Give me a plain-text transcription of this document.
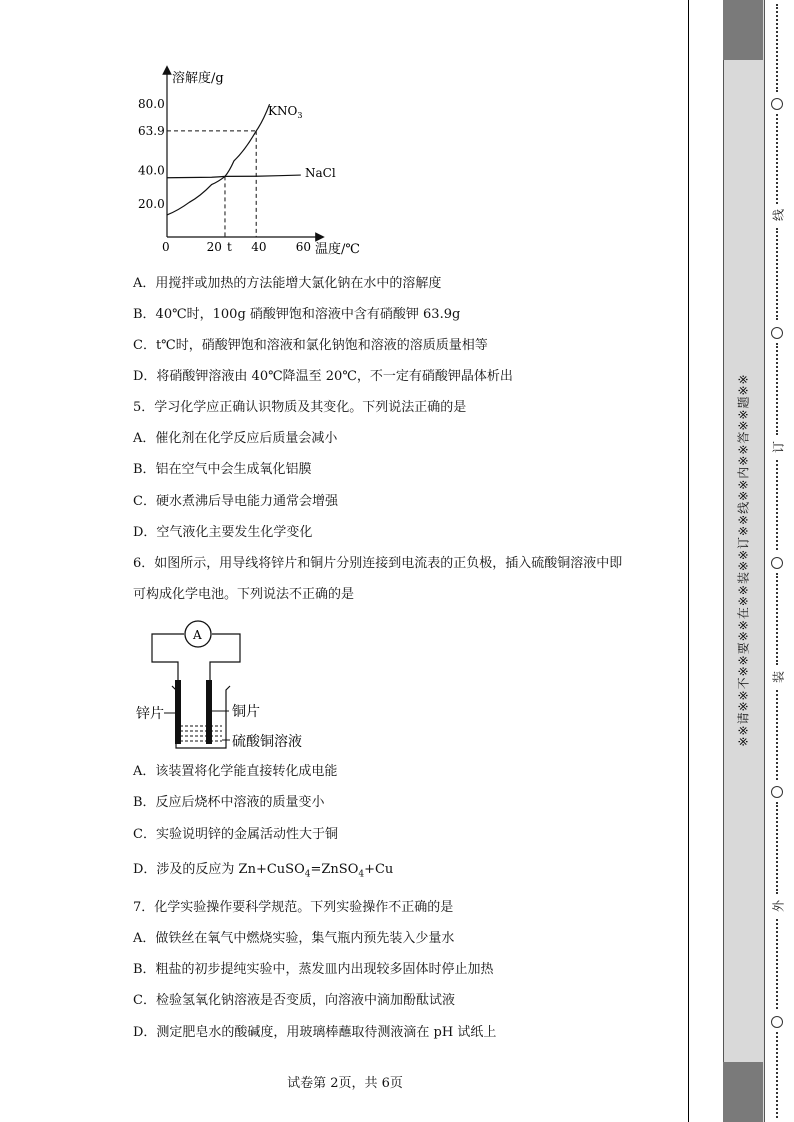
溶解度/g
温度/℃
80.0
63.9
40.0
20.0
0	20 t 40 60
$KNO_3$
NaCl
A．用搅拌或加热的方法能增大氯化钠在水中的溶解度
B．40℃时，100g 硝酸钾饱和溶液中含有硝酸钾 63.9g
C．t℃时，硝酸钾饱和溶液和氯化钠饱和溶液的溶质质量相等
D．将硝酸钾溶液由 40℃降温至 20℃，不一定有硝酸钾晶体析出
5．学习化学应正确认识物质及其变化。下列说法正确的是
A．催化剂在化学反应后质量会减小
B．铝在空气中会生成氧化铝膜
C．硬水煮沸后导电能力通常会增强
D．空气液化主要发生化学变化
6．如图所示，用导线将锌片和铜片分别连接到电流表的正负极，插入硫酸铜溶液中即
可构成化学电池。下列说法不正确的是
A
锌片	铜片
硫酸铜溶液
A．该装置将化学能直接转化成电能
B．反应后烧杯中溶液的质量变小
C．实验说明锌的金属活动性大于铜
D．涉及的反应为 Zn+CuSO$_4$=ZnSO$_4$+Cu
7．化学实验操作要科学规范。下列实验操作不正确的是
A．做铁丝在氧气中燃烧实验，集气瓶内预先装入少量水
B．粗盐的初步提纯实验中，蒸发皿内出现较多固体时停止加热
C．检验氢氧化钠溶液是否变质，向溶液中滴加酚酞试液
D．测定肥皂水的酸碱度，用玻璃棒蘸取待测液滴在 pH 试纸上
试卷第 2页，共 6页
※※请※※不※※要※※在※※装※※订※※线※※内※※答※※题※※
线
订
装
外
